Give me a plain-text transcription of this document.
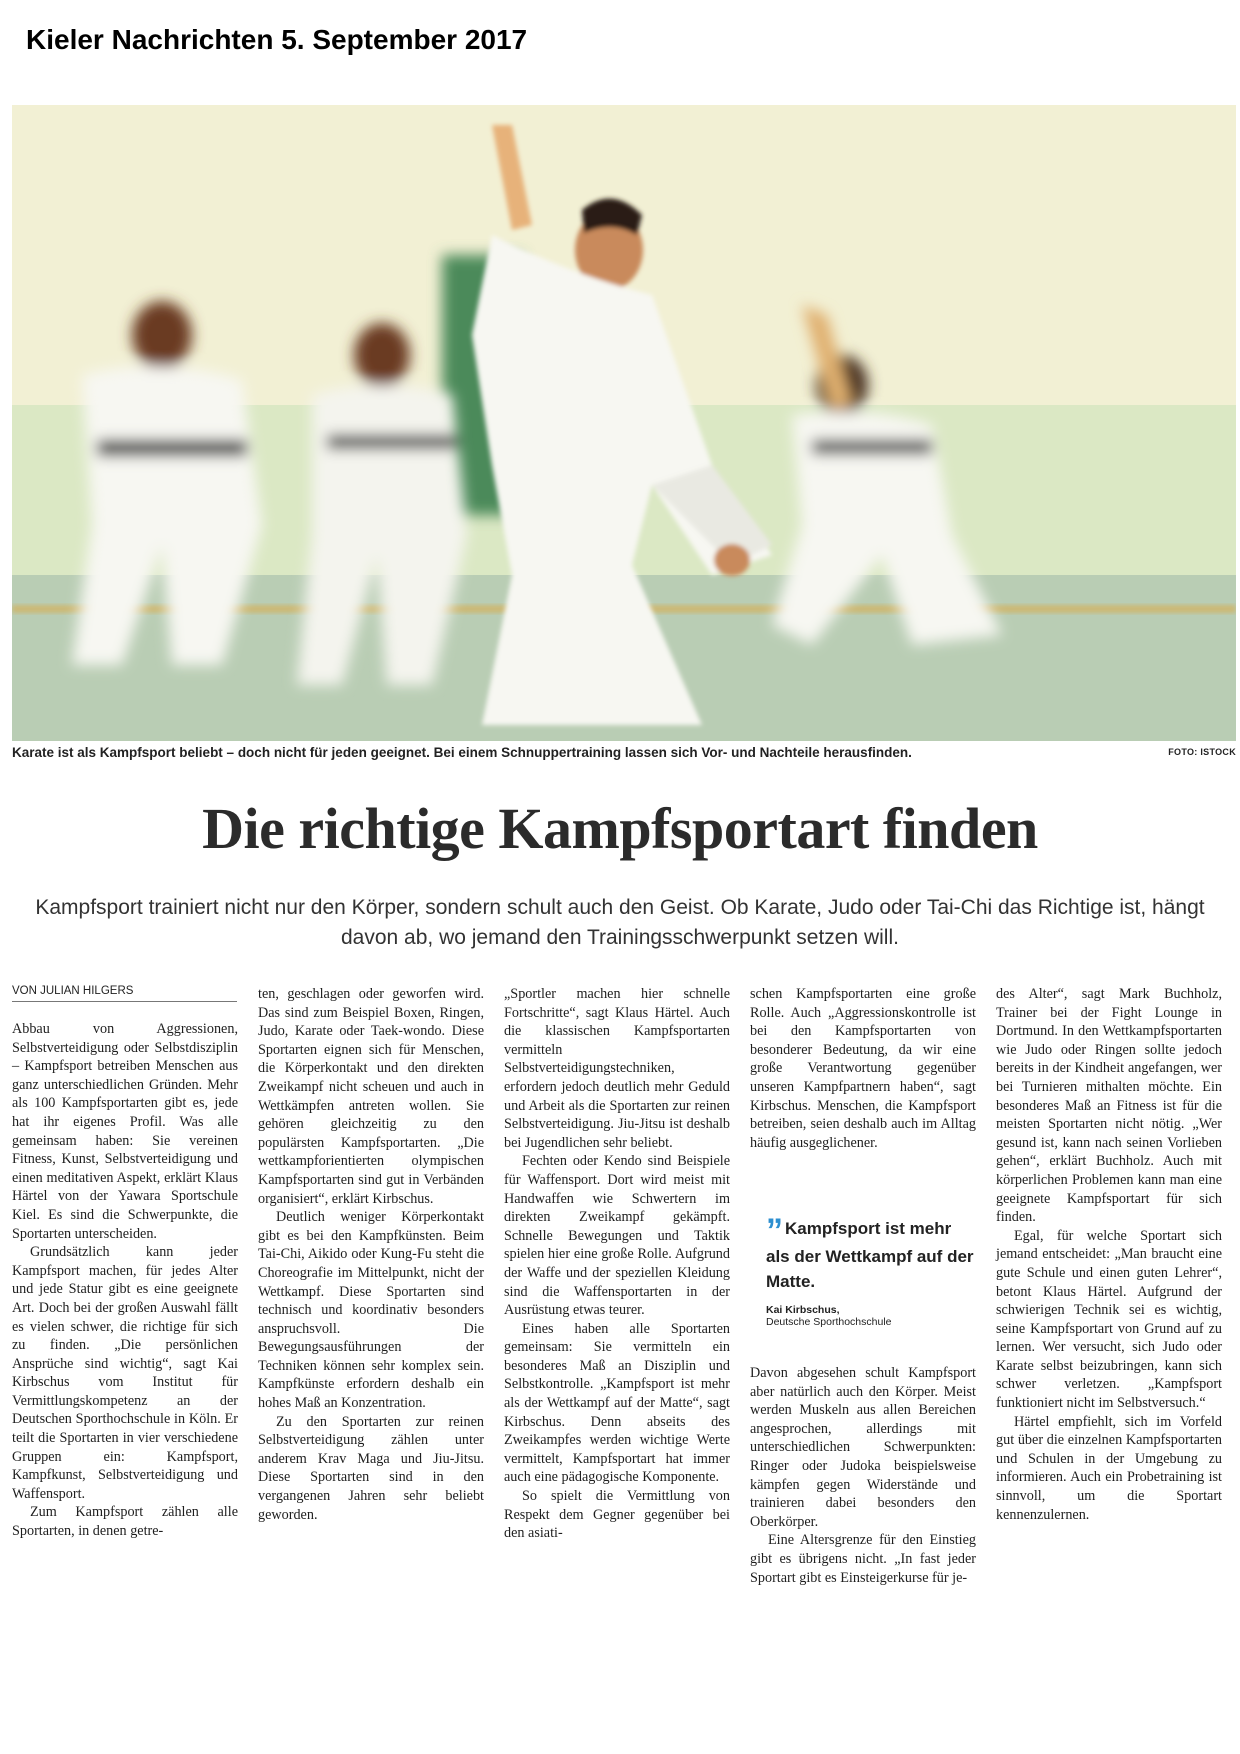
Kieler Nachrichten 5. September 2017
Karate ist als Kampfsport beliebt – doch nicht für jeden geeignet. Bei einem Schnuppertraining lassen sich Vor- und Nachteile herausfinden.	FOTO: ISTOCK
Die richtige Kampfsportart finden
Kampfsport trainiert nicht nur den Körper, sondern schult auch den Geist. Ob Karate, Judo oder Tai-Chi das Richtige ist, hängt davon ab, wo jemand den Trainingsschwerpunkt setzen will.
VON JULIAN HILGERS

Abbau von Aggressionen, Selbstverteidigung oder Selbstdisziplin – Kampfsport betreiben Menschen aus ganz unterschiedlichen Gründen. Mehr als 100 Kampfsportarten gibt es, jede hat ihr eigenes Profil. Was alle gemeinsam haben: Sie vereinen Fitness, Kunst, Selbstverteidigung und einen meditativen Aspekt, erklärt Klaus Härtel von der Yawara Sportschule Kiel. Es sind die Schwerpunkte, die Sportarten unterscheiden.

Grundsätzlich kann jeder Kampfsport machen, für jedes Alter und jede Statur gibt es eine geeignete Art. Doch bei der großen Auswahl fällt es vielen schwer, die richtige für sich zu finden. „Die persönlichen Ansprüche sind wichtig“, sagt Kai Kirbschus vom Institut für Vermittlungskompetenz an der Deutschen Sporthochschule in Köln. Er teilt die Sportarten in vier verschiedene Gruppen ein: Kampfsport, Kampfkunst, Selbstverteidigung und Waffensport.

Zum Kampfsport zählen alle Sportarten, in denen getre-

ten, geschlagen oder geworfen wird. Das sind zum Beispiel Boxen, Ringen, Judo, Karate oder Taek-wondo. Diese Sportarten eignen sich für Menschen, die Körperkontakt und den direkten Zweikampf nicht scheuen und auch in Wettkämpfen antreten wollen. Sie gehören gleichzeitig zu den populärsten Kampfsportarten. „Die wettkampforientierten olympischen Kampfsportarten sind gut in Verbänden organisiert“, erklärt Kirbschus.

Deutlich weniger Körperkontakt gibt es bei den Kampfkünsten. Beim Tai-Chi, Aikido oder Kung-Fu steht die Choreografie im Mittelpunkt, nicht der Wettkampf. Diese Sportarten sind technisch und koordinativ besonders anspruchsvoll. Die Bewegungsausführungen der Techniken können sehr komplex sein. Kampfkünste erfordern deshalb ein hohes Maß an Konzentration.

Zu den Sportarten zur reinen Selbstverteidigung zählen unter anderem Krav Maga und Jiu-Jitsu. Diese Sportarten sind in den vergangenen Jahren sehr beliebt geworden.

„Sportler machen hier schnelle Fortschritte“, sagt Klaus Härtel. Auch die klassischen Kampfsportarten vermitteln Selbstverteidigungstechniken, erfordern jedoch deutlich mehr Geduld und Arbeit als die Sportarten zur reinen Selbstverteidigung. Jiu-Jitsu ist deshalb bei Jugendlichen sehr beliebt.

Fechten oder Kendo sind Beispiele für Waffensport. Dort wird meist mit Handwaffen wie Schwertern im direkten Zweikampf gekämpft. Schnelle Bewegungen und Taktik spielen hier eine große Rolle. Aufgrund der Waffe und der speziellen Kleidung sind die Waffensportarten in der Ausrüstung etwas teurer.

Eines haben alle Sportarten gemeinsam: Sie vermitteln ein besonderes Maß an Disziplin und Selbstkontrolle. „Kampfsport ist mehr als der Wettkampf auf der Matte“, sagt Kirbschus. Denn abseits des Zweikampfes werden wichtige Werte vermittelt, Kampfsportart hat immer auch eine pädagogische Komponente.

So spielt die Vermittlung von Respekt dem Gegner gegenüber bei den asiati-

schen Kampfsportarten eine große Rolle. Auch „Aggressionskontrolle ist bei den Kampfsportarten von besonderer Bedeutung, da wir eine große Verantwortung gegenüber unseren Kampfpartnern haben“, sagt Kirbschus. Menschen, die Kampfsport betreiben, seien deshalb auch im Alltag häufig ausgeglichener.

” Kampfsport ist mehr als der Wettkampf auf der Matte.
Kai Kirbschus,
Deutsche Sporthochschule

Davon abgesehen schult Kampfsport aber natürlich auch den Körper. Meist werden Muskeln aus allen Bereichen angesprochen, allerdings mit unterschiedlichen Schwerpunkten: Ringer oder Judoka beispielsweise kämpfen gegen Widerstände und trainieren dabei besonders den Oberkörper.

Eine Altersgrenze für den Einstieg gibt es übrigens nicht. „In fast jeder Sportart gibt es Einsteigerkurse für je-

des Alter“, sagt Mark Buchholz, Trainer bei der Fight Lounge in Dortmund. In den Wettkampfsportarten wie Judo oder Ringen sollte jedoch bereits in der Kindheit angefangen, wer bei Turnieren mithalten möchte. Ein besonderes Maß an Fitness ist für die meisten Sportarten nicht nötig. „Wer gesund ist, kann nach seinen Vorlieben gehen“, erklärt Buchholz. Auch mit körperlichen Problemen kann man eine geeignete Kampfsportart für sich finden.

Egal, für welche Sportart sich jemand entscheidet: „Man braucht eine gute Schule und einen guten Lehrer“, betont Klaus Härtel. Aufgrund der schwierigen Technik sei es wichtig, seine Kampfsportart von Grund auf zu lernen. Wer versucht, sich Judo oder Karate selbst beizubringen, kann sich schwer verletzen. „Kampfsport funktioniert nicht im Selbstversuch.“

Härtel empfiehlt, sich im Vorfeld gut über die einzelnen Kampfsportarten und Schulen in der Umgebung zu informieren. Auch ein Probetraining ist sinnvoll, um die Sportart kennenzulernen.
